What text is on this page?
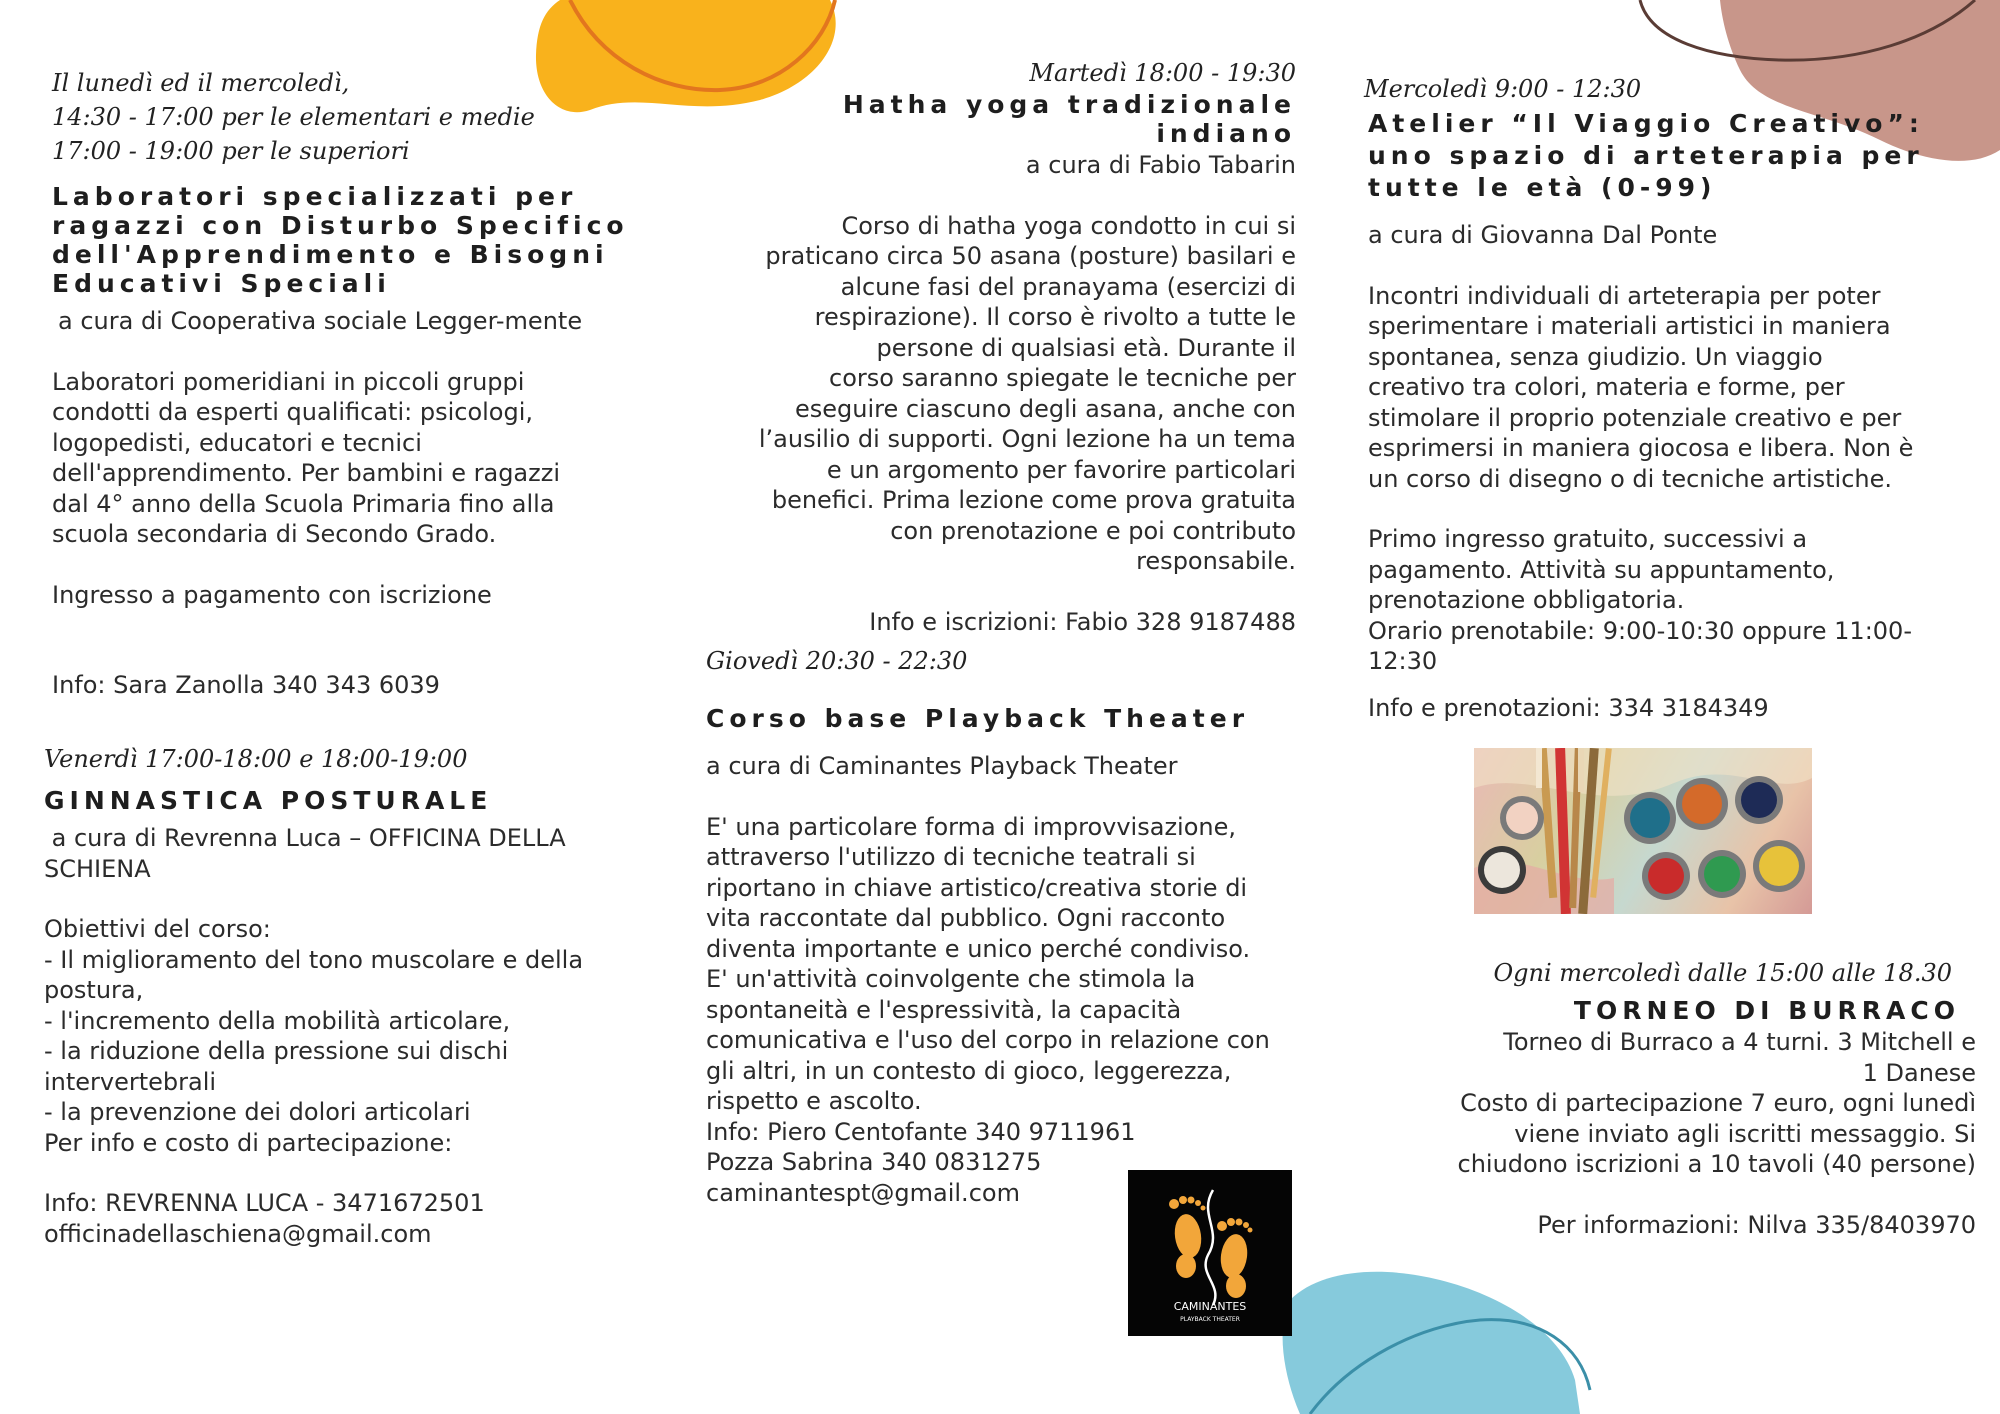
Il lunedì ed il mercoledì,
14:30 - 17:00 per le elementari e medie
17:00 - 19:00 per le superiori
Laboratori specializzati per
ragazzi con Disturbo Specifico
dell'Apprendimento e Bisogni
Educativi Speciali
a cura di Cooperativa sociale Legger-mente
Laboratori pomeridiani in piccoli gruppi
condotti da esperti qualificati: psicologi,
logopedisti, educatori e tecnici
dell'apprendimento. Per bambini e ragazzi
dal 4° anno della Scuola Primaria fino alla
scuola secondaria di Secondo Grado.
Ingresso a pagamento con iscrizione
Info: Sara Zanolla 340 343 6039
Venerdì 17:00-18:00 e 18:00-19:00
GINNASTICA POSTURALE
a cura di Revrenna Luca – OFFICINA DELLA
SCHIENA
Obiettivi del corso:
- Il miglioramento del tono muscolare e della
postura,
- l'incremento della mobilità articolare,
- la riduzione della pressione sui dischi
intervertebrali
- la prevenzione dei dolori articolari
Per info e costo di partecipazione:
Info: REVRENNA LUCA - 3471672501
officinadellaschiena@gmail.com
Martedì 18:00 - 19:30
Hatha yoga tradizionale indiano
a cura di Fabio Tabarin
Corso di hatha yoga condotto in cui si
praticano circa 50 asana (posture) basilari e
alcune fasi del pranayama (esercizi di
respirazione). Il corso è rivolto a tutte le
persone di qualsiasi età. Durante il
corso saranno spiegate le tecniche per
eseguire ciascuno degli asana, anche con
l’ausilio di supporti. Ogni lezione ha un tema
e un argomento per favorire particolari
benefici. Prima lezione come prova gratuita
con prenotazione e poi contributo
responsabile.
Info e iscrizioni: Fabio 328 9187488
Giovedì 20:30 - 22:30
Corso base Playback Theater
a cura di Caminantes Playback Theater
E' una particolare forma di improvvisazione,
attraverso l'utilizzo di tecniche teatrali si
riportano in chiave artistico/creativa storie di
vita raccontate dal pubblico. Ogni racconto
diventa importante e unico perché condiviso.
E' un'attività coinvolgente che stimola la
spontaneità e l'espressività, la capacità
comunicativa e l'uso del corpo in relazione con
gli altri, in un contesto di gioco, leggerezza,
rispetto e ascolto.
Info: Piero Centofante 340 9711961
Pozza Sabrina 340 0831275
caminantespt@gmail.com
CAMINANTES
PLAYBACK THEATER
Mercoledì 9:00 - 12:30
Atelier “Il Viaggio Creativo”:
uno spazio di arteterapia per
tutte le età (0-99)
a cura di Giovanna Dal Ponte
Incontri individuali di arteterapia per poter
sperimentare i materiali artistici in maniera
spontanea, senza giudizio. Un viaggio
creativo tra colori, materia e forme, per
stimolare il proprio potenziale creativo e per
esprimersi in maniera giocosa e libera. Non è
un corso di disegno o di tecniche artistiche.
Primo ingresso gratuito, successivi a
pagamento. Attività su appuntamento,
prenotazione obbligatoria.
Orario prenotabile: 9:00-10:30 oppure 11:00-
12:30
Info e prenotazioni: 334 3184349
Ogni mercoledì dalle 15:00 alle 18.30
TORNEO DI BURRACO
Torneo di Burraco a 4 turni. 3 Mitchell e
1 Danese
Costo di partecipazione 7 euro, ogni lunedì
viene inviato agli iscritti messaggio. Si
chiudono iscrizioni a 10 tavoli (40 persone)
Per informazioni: Nilva 335/8403970
